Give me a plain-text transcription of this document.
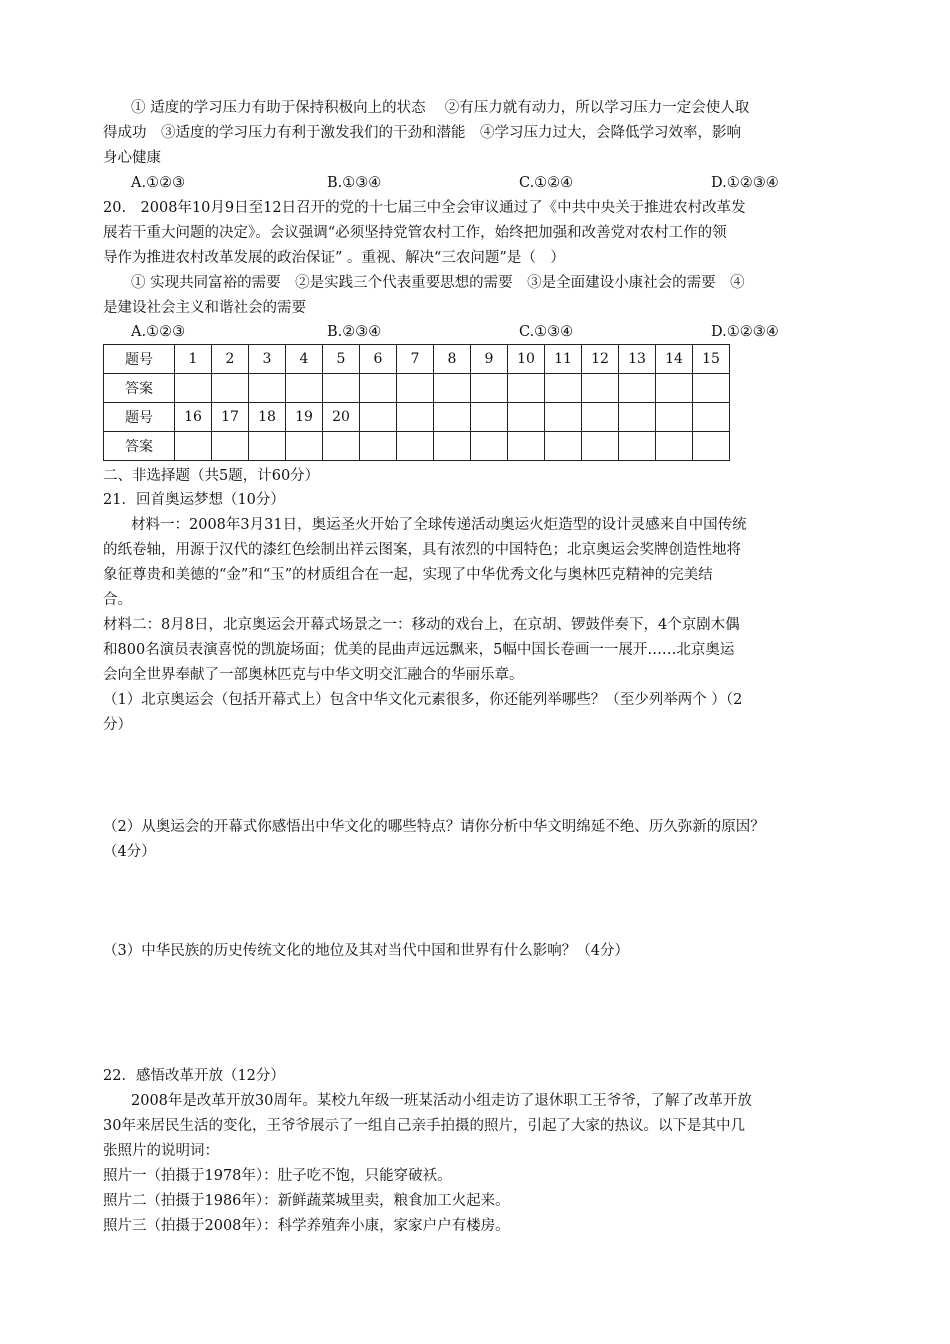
① 适度的学习压力有助于保持积极向上的状态　 ②有压力就有动力，所以学习压力一定会使人取
得成功　③适度的学习压力有利于激发我们的干劲和潜能　④学习压力过大，会降低学习效率，影响
身心健康
A.①②③	B.①③④	C.①②④	D.①②③④
20.　2008年10月9日至12日召开的党的十七届三中全会审议通过了《中共中央关于推进农村改革发
展若干重大问题的决定》。会议强调“必须坚持党管农村工作，始终把加强和改善党对农村工作的领
导作为推进农村改革发展的政治保证” 。重视、解决“三农问题”是（　）
① 实现共同富裕的需要　②是实践三个代表重要思想的需要　③是全面建设小康社会的需要　④
是建设社会主义和谐社会的需要
A.①②③	B.②③④	C.①③④	D.①②③④
题号	1	2	3	4	5	6	7	8	9	10	11	12	13	14	15
答案															
题号	16	17	18	19	20										
答案															
二、非选择题（共5题，计60分）
21．回首奥运梦想（10分）
材料一：2008年3月31日，奥运圣火开始了全球传递活动奥运火炬造型的设计灵感来自中国传统
的纸卷轴，用源于汉代的漆红色绘制出祥云图案，具有浓烈的中国特色；北京奥运会奖牌创造性地将
象征尊贵和美德的“金”和“玉”的材质组合在一起，实现了中华优秀文化与奥林匹克精神的完美结
合。
材料二：8月8日，北京奥运会开幕式场景之一：移动的戏台上，在京胡、锣鼓伴奏下，4个京剧木偶
和800名演员表演喜悦的凯旋场面；优美的昆曲声远远飘来，5幅中国长卷画一一展开……北京奥运
会向全世界奉献了一部奥林匹克与中华文明交汇融合的华丽乐章。
（1）北京奥运会（包括开幕式上）包含中华文化元素很多，你还能列举哪些？（至少列举两个 ）（2
分）
（2）从奥运会的开幕式你感悟出中华文化的哪些特点？请你分析中华文明绵延不绝、历久弥新的原因？
（4分）
（3）中华民族的历史传统文化的地位及其对当代中国和世界有什么影响？（4分）
22．感悟改革开放（12分）
2008年是改革开放30周年。某校九年级一班某活动小组走访了退休职工王爷爷，了解了改革开放
30年来居民生活的变化，王爷爷展示了一组自己亲手拍摄的照片，引起了大家的热议。以下是其中几
张照片的说明词：
照片一（拍摄于1978年）：肚子吃不饱，只能穿破袄。
照片二（拍摄于1986年）：新鲜蔬菜城里卖，粮食加工火起来。
照片三（拍摄于2008年）：科学养殖奔小康，家家户户有楼房。
